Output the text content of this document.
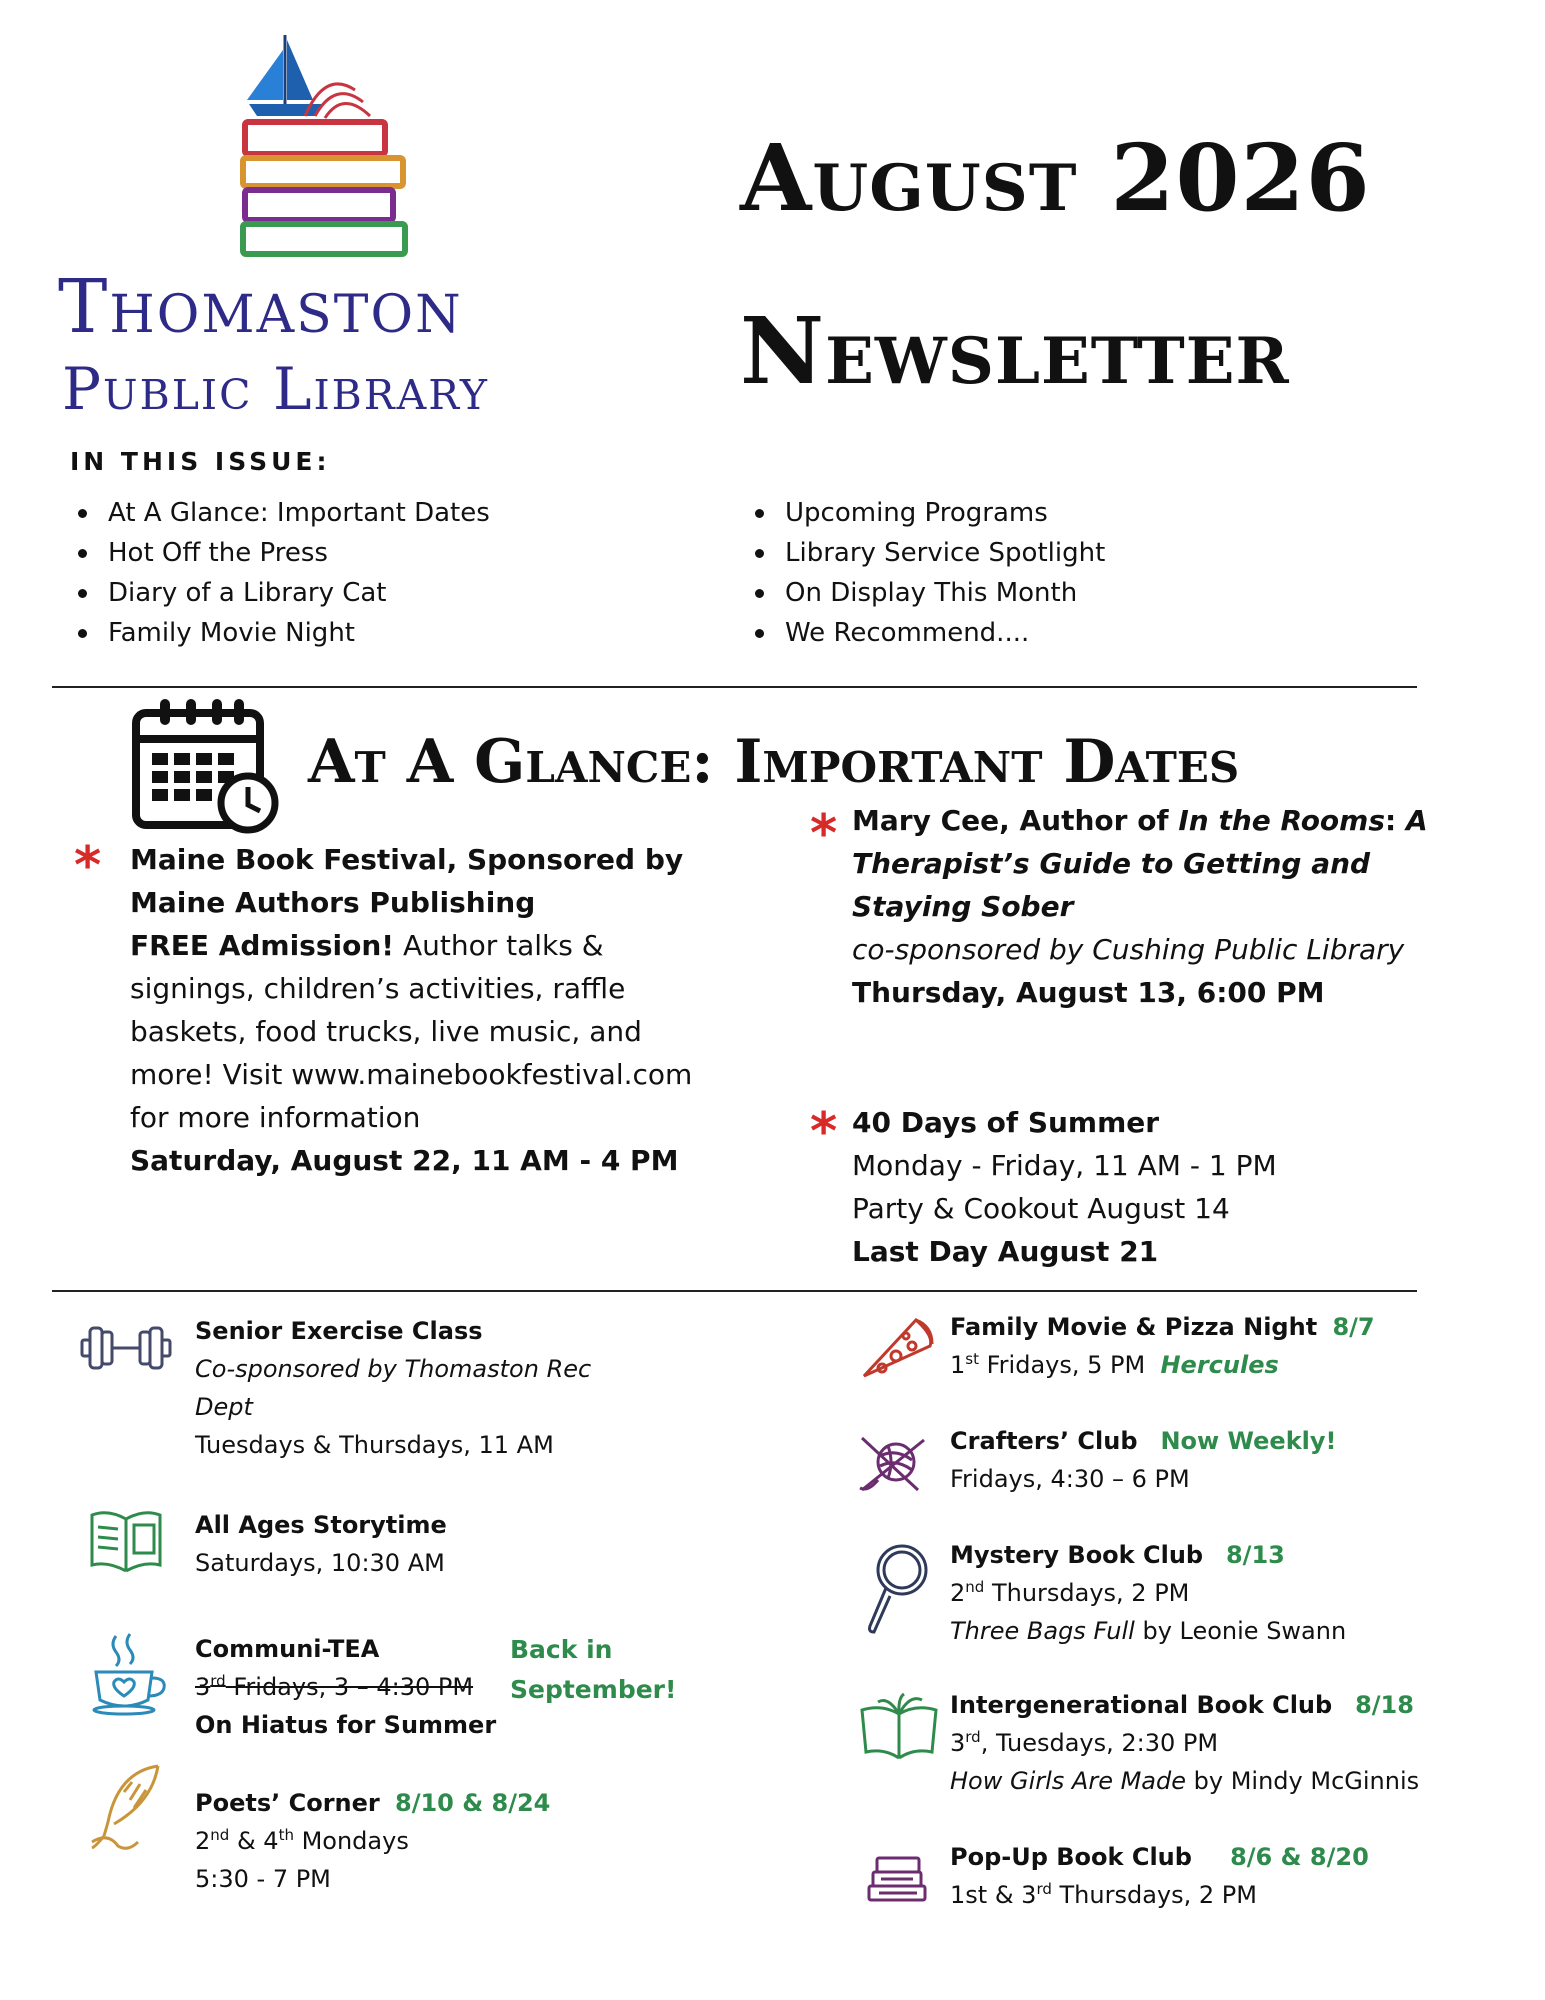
Thomaston
Public Library
August 2026
Newsletter
IN THIS ISSUE:
At A Glance: Important Dates
Hot Off the Press
Diary of a Library Cat
Family Movie Night
Upcoming Programs
Library Service Spotlight
On Display This Month
We Recommend....
At A Glance: Important Dates
* Maine Book Festival, Sponsored by
Maine Authors Publishing
FREE Admission! Author talks & signings, children’s activities, raffle baskets, food trucks, live music, and more! Visit www.mainebookfestival.com for more information
Saturday, August 22, 11 AM - 4 PM
* Mary Cee, Author of In the Rooms: A Therapist’s Guide to Getting and Staying Sober
co-sponsored by Cushing Public Library
Thursday, August 13, 6:00 PM
* 40 Days of Summer
Monday - Friday, 11 AM - 1 PM
Party & Cookout August 14
Last Day August 21
Senior Exercise Class
Co-sponsored by Thomaston Rec Dept
Tuesdays & Thursdays, 11 AM
All Ages Storytime
Saturdays, 10:30 AM
Communi-TEA
3rd Fridays, 3 – 4:30 PM
On Hiatus for Summer
Back in
September!
Poets’ Corner 8/10 & 8/24
2nd & 4th Mondays
5:30 - 7 PM
Family Movie & Pizza Night 8/7
1st Fridays, 5 PM Hercules
Crafters’ Club Now Weekly!
Fridays, 4:30 – 6 PM
Mystery Book Club 8/13
2nd Thursdays, 2 PM
Three Bags Full by Leonie Swann
Intergenerational Book Club 8/18
3rd, Tuesdays, 2:30 PM
How Girls Are Made by Mindy McGinnis
Pop-Up Book Club 8/6 & 8/20
1st & 3rd Thursdays, 2 PM
